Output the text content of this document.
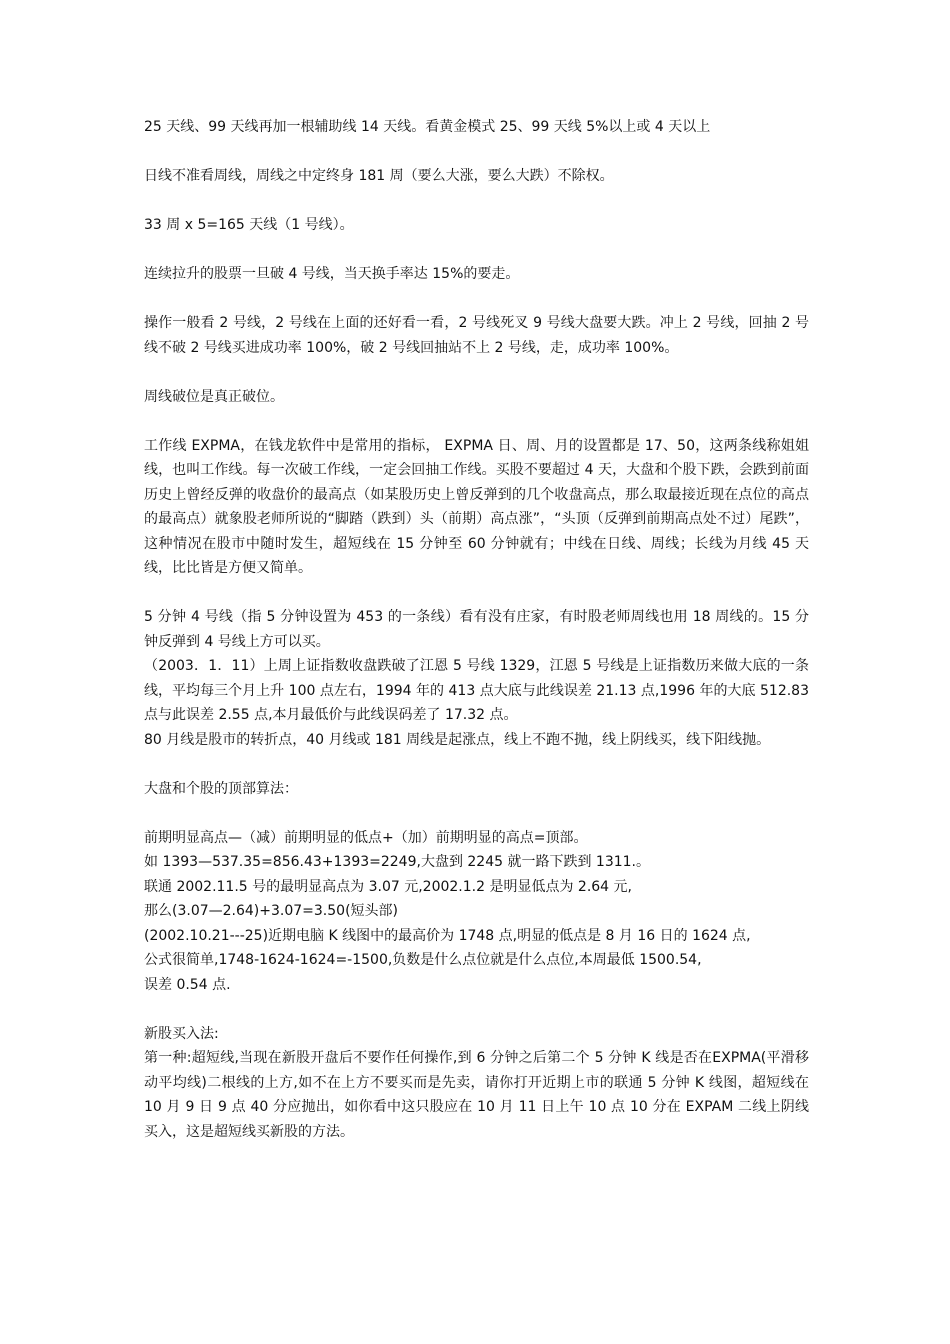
25 天线、99 天线再加一根辅助线 14 天线。看黄金模式 25、99 天线 5%以上或 4 天以上
日线不准看周线，周线之中定终身 181 周（要么大涨，要么大跌）不除权。
33 周 x 5=165 天线（1 号线）。
连续拉升的股票一旦破 4 号线，当天换手率达 15%的要走。
操作一般看 2 号线，2 号线在上面的还好看一看，2 号线死叉 9 号线大盘要大跌。冲上 2 号线，回抽 2 号线不破 2 号线买进成功率 100%，破 2 号线回抽站不上 2 号线，走，成功率 100%。
周线破位是真正破位。
工作线 EXPMA，在钱龙软件中是常用的指标， EXPMA 日、周、月的设置都是 17、50，这两条线称姐姐线，也叫工作线。每一次破工作线，一定会回抽工作线。买股不要超过 4 天，大盘和个股下跌，会跌到前面历史上曾经反弹的收盘价的最高点（如某股历史上曾反弹到的几个收盘高点，那么取最接近现在点位的高点的最高点）就象股老师所说的“脚踏（跌到）头（前期）高点涨”，“头顶（反弹到前期高点处不过）尾跌”，这种情况在股市中随时发生，超短线在 15 分钟至 60 分钟就有；中线在日线、周线；长线为月线 45 天线，比比皆是方便又简单。
5 分钟 4 号线（指 5 分钟设置为 453 的一条线）看有没有庄家，有时股老师周线也用 18 周线的。15 分钟反弹到 4 号线上方可以买。
（2003．1．11）上周上证指数收盘跌破了江恩 5 号线 1329，江恩 5 号线是上证指数历来做大底的一条线，平均每三个月上升 100 点左右，1994 年的 413 点大底与此线误差 21.13 点,1996 年的大底 512.83 点与此误差 2.55 点,本月最低价与此线误码差了 17.32 点。
80 月线是股市的转折点，40 月线或 181 周线是起涨点，线上不跑不抛，线上阴线买，线下阳线抛。
大盘和个股的顶部算法：
前期明显高点—（减）前期明显的低点+（加）前期明显的高点=顶部。
如 1393—537.35=856.43+1393=2249,大盘到 2245 就一路下跌到 1311.。
联通 2002.11.5 号的最明显高点为 3.07 元,2002.1.2 是明显低点为 2.64 元,
那么(3.07—2.64)+3.07=3.50(短头部)
(2002.10.21---25)近期电脑 K 线图中的最高价为 1748 点,明显的低点是 8 月 16 日的 1624 点,
公式很简单,1748-1624-1624=-1500,负数是什么点位就是什么点位,本周最低 1500.54,
误差 0.54 点.
新股买入法:
第一种:超短线,当现在新股开盘后不要作任何操作,到 6 分钟之后第二个 5 分钟 K 线是否在EXPMA(平滑移动平均线)二根线的上方,如不在上方不要买而是先卖，请你打开近期上市的联通 5 分钟 K 线图，超短线在 10 月 9 日 9 点 40 分应抛出，如你看中这只股应在 10 月 11 日上午 10 点 10 分在 EXPAM 二线上阴线买入，这是超短线买新股的方法。
